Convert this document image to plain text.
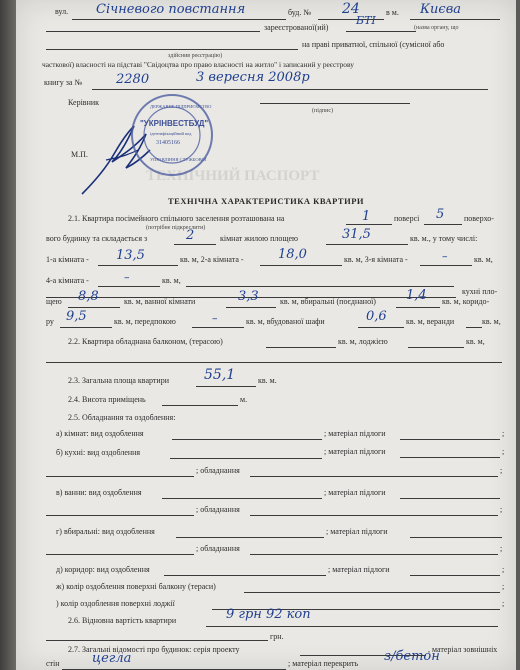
ТЕХНІЧНИЙ ПАСПОРТ
вул. Січневого повстання	буд. № 24	в м. Києва
зареєстрованої(ий)
БТІ
(назва органу, що
на праві приватної, спільної (сумісної або
здійснив реєстрацію)
часткової) власності на підставі "Свідоцтва про право власності на житло" і записаний у реєстрову
книгу за №	2280	3 вересня 2008р
Керівник
(підпис)
М.П.
ДЕРЖАВНЕ ПІДПРИЄМСТВО
"УКРІНВЕСТБУД"
ідентифікаційний код
31405166
УПРАВЛІННЯ СЛУЖБОВОЇ
ТЕХНІЧНА ХАРАКТЕРИСТИКА КВАРТИРИ
2.1. Квартира посімейного спільного заселення розташована на	1	поверсі 5 поверхо-
(потрібне підкреслити)
вого будинку та складається з	2	кімнат жилою площею	31,5	кв. м., у тому числі:
1-а кімната - 13,5	кв. м, 2-а кімната -	18,0	кв. м, 3-я кімната -	–	кв. м,
4-а кімната -	–	кв. м,
кухні пло-
щею 8,8	кв. м, ванної кімнати	3,3	кв. м, вбиральні (поєднаної) 1,4 кв. м, коридо-
ру 9,5	кв. м, передпокою	–	кв. м, вбудованої шафи	0,6 кв. м, веранди	кв. м,
2.2. Квартира обладнана балконом, (терасою)	кв. м, лоджією	кв. м,
2.3. Загальна площа квартири	55,1	кв. м.
2.4. Висота приміщень	м.
2.5. Обладнання та оздоблення:
а) кімнат: вид оздоблення	; матеріал підлоги	;
б) кухні: вид оздоблення	; матеріал підлоги	;
; обладнання	;
в) ванни: вид оздоблення	; матеріал підлоги
; обладнання	;
г) вбиральні: вид оздоблення	; матеріал підлоги
; обладнання	;
д) коридор: вид оздоблення	; матеріал підлоги	;
ж) колір оздоблення поверхні балкону (тераси)	;
) колір оздоблення поверхні лоджії	;
2.6. Відновна вартість квартири	9 грн 92 коп
грн.
2.7. Загальні відомості про будинок: серія проекту	, матеріал зовнішніх
стін цегла	; матеріал перекрить з/бетон
